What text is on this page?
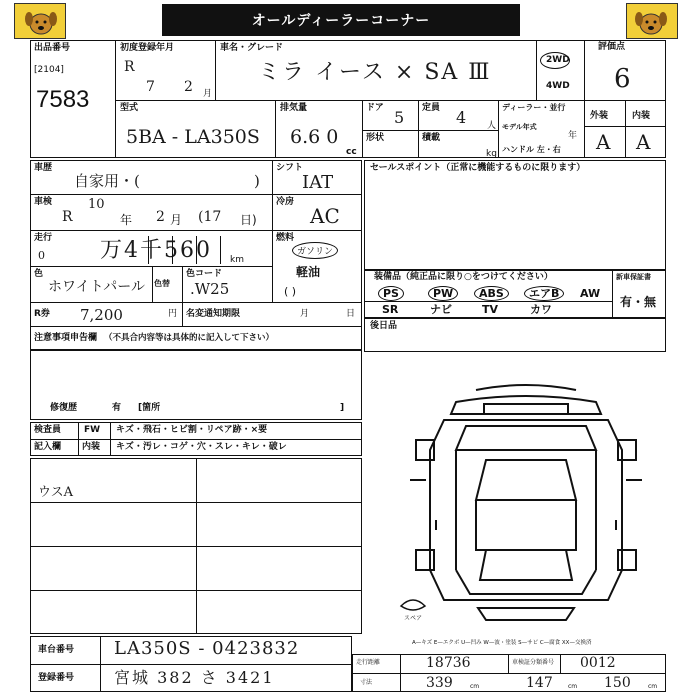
オールディーラーコーナー
出品番号
[2104]
7583
初度登録年月
R
7 2 月
車名・グレード
ミラ イース × SA Ⅲ	2WD
4WD
評価点
6
型式
5BA - LA350S
排気量
6.6 0
cc
ドア 5 定員 4 人
形状	積載
kg
ディーラー・並行
モデル年式
年
ハンドル 左・右
外装	内装
A A
車歴
自家用・(	)
シフト
IAT
車検
R
10
年 2 月 (17 日)
冷房
AC
走行
0	万4千560 km
燃料
ガソリン
軽油
( )
色
ホワイトパール 色替
色コード
.W25
R券 7,200	円 名変通知期限	月	日
注意事項申告欄 （不具合内容等は具体的に記入して下さい）
修復歴	有 [箇所	]
検査員
記入欄
FW
内装
キズ・飛石・ヒビ割・リペア跡・×要
キズ・汚レ・コゲ・穴・スレ・キレ・破レ
ウスA
セールスポイント（正常に機能するものに限ります）
装備品（純正品に限り○をつけてください）	新車保証書
有・無
PS	PW	ABS	エアB	AW
SR	ナビ	TV	カワ
後日品
スペア
車台番号 LA350S - 0423832
登録番号 宮城 382 さ 3421
A—キズ E—エクボ U—凹み W—波・塗装 S—サビ C—腐食 XX—交換済
走行距離	18736	車検証分類番号 0012
寸法	339	cm	147	cm 150	cm
